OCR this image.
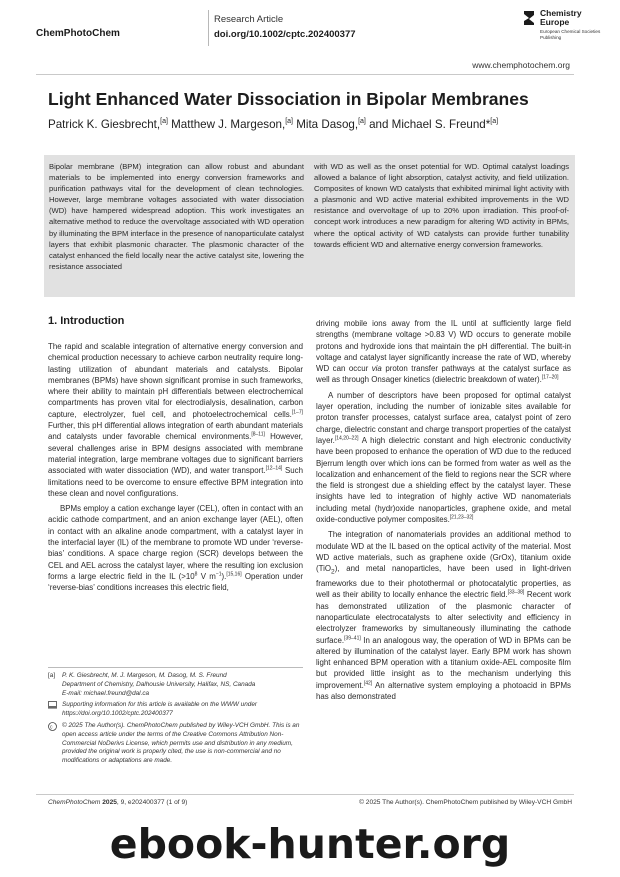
ChemPhotoChem
Research Article
doi.org/10.1002/cptc.202400377
Chemistry Europe
European Chemical Societies Publishing
www.chemphotochem.org
Light Enhanced Water Dissociation in Bipolar Membranes
Patrick K. Giesbrecht,[a] Matthew J. Margeson,[a] Mita Dasog,[a] and Michael S. Freund*[a]
Bipolar membrane (BPM) integration can allow robust and abundant materials to be implemented into energy conversion frameworks and purification pathways vital for the development of clean technologies. However, large membrane voltages associated with water dissociation (WD) have hampered widespread adoption. This work investigates an alternative method to reduce the overvoltage associated with WD operation by illuminating the BPM interface in the presence of nanoparticulate catalyst layers that exhibit plasmonic character. The plasmonic character of the catalyst enhanced the field locally near the active catalyst site, lowering the resistance associated
with WD as well as the onset potential for WD. Optimal catalyst loadings allowed a balance of light absorption, catalyst activity, and field utilization. Composites of known WD catalysts that exhibited minimal light activity with a plasmonic and WD active material exhibited improvements in the WD resistance and overvoltage of up to 20% upon irradiation. This proof-of-concept work introduces a new paradigm for altering WD activity in BPMs, where the optical activity of WD catalysts can provide further tunability towards efficient WD and alternative energy conversion frameworks.
1. Introduction

The rapid and scalable integration of alternative energy conversion and chemical production necessary to achieve carbon neutrality require long-lasting utilization of abundant materials and catalysts. Bipolar membranes (BPMs) have shown significant promise in such frameworks, where their ability to maintain pH differentials between electrochemical compartments has proven vital for electrodialysis, desalination, carbon capture, electrolyzer, fuel cell, and photoelectrochemical cells.[1–7] Further, this pH differential allows integration of earth abundant materials and catalysts under favorable chemical environments.[8–11] However, several challenges arise in BPM designs associated with membrane material integration, large membrane voltages due to significant barriers associated with water dissociation (WD), and water transport.[12–14] Such limitations need to be overcome to ensure effective BPM integration into these clean and novel configurations.

BPMs employ a cation exchange layer (CEL), often in contact with an acidic cathode compartment, and an anion exchange layer (AEL), often in contact with an alkaline anode compartment, with a catalyst layer in the interfacial layer (IL) of the membrane to promote WD under ‘reverse-bias’ conditions. A space charge region (SCR) develops between the CEL and AEL across the catalyst layer, where the resulting ion exclusion forms a large electric field in the IL ($>10^8$ V $m^{-1}).[15,16]$ Operation under ‘reverse-bias’ conditions increases this electric field,

driving mobile ions away from the IL until at sufficiently large field strengths (membrane voltage >0.83 V) WD occurs to generate mobile protons and hydroxide ions that maintain the pH differential. The built-in voltage and catalyst layer significantly increase the rate of WD, whereby WD can occur via proton transfer pathways at the catalyst surface as well as through Onsager kinetics (dielectric breakdown of water).[17–20]

A number of descriptors have been proposed for optimal catalyst layer operation, including the number of ionizable sites available for proton transfer processes, catalyst surface area, catalyst point of zero charge, dielectric constant and charge transport properties of the catalyst layer.[14,20–22] A high dielectric constant and high electronic conductivity have been proposed to enhance the operation of WD due to the reduced Bjerrum length over which ions can be formed from water as well as the localization and enhancement of the field to regions near the SCR where the field is strongest due a shielding effect by the catalyst layer. These insights have led to integration of highly active WD nanomaterials including metal (hydr)oxide nanoparticles, graphene oxide, and metal oxide-conductive polymer composites.[21,23–32]

The integration of nanomaterials provides an additional method to modulate WD at the IL based on the optical activity of the material. Most WD active materials, such as graphene oxide (GrOx), titanium oxide (TiO$_2$), and metal nanoparticles, have been used in light-driven frameworks due to their photothermal or photocatalytic properties, as well as their ability to locally enhance the electric field.[33–38] Recent work has demonstrated utilization of the plasmonic character of nanoparticulate electrocatalysts to alter selectivity and efficiency in electrolyzer frameworks by simultaneously illuminating the cathode surface.[39–41] In an analogous way, the operation of WD in BPMs can be altered by illumination of the catalyst layer. Early BPM work has shown light enhanced BPM operation with a titanium oxide-AEL composite film but provided little insight as to the mechanism underlying this improvement.[42] An alternative system employing a photoacid in BPMs has also demonstrated

[a]	P. K. Giesbrecht, M. J. Margeson, M. Dasog, M. S. Freund
Department of Chemistry, Dalhousie University, Halifax, NS, Canada
E-mail: michael.freund@dal.ca
Supporting information for this article is available on the WWW under https://doi.org/10.1002/cptc.202400377
c © 2025 The Author(s). ChemPhotoChem published by Wiley-VCH GmbH. This is an open access article under the terms of the Creative Commons Attribution Non-Commercial NoDerivs License, which permits use and distribution in any medium, provided the original work is properly cited, the use is non-commercial and no modifications or adaptations are made.
ChemPhotoChem 2025, 9, e202400377 (1 of 9)	© 2025 The Author(s). ChemPhotoChem published by Wiley-VCH GmbH
ebook-hunter.org
